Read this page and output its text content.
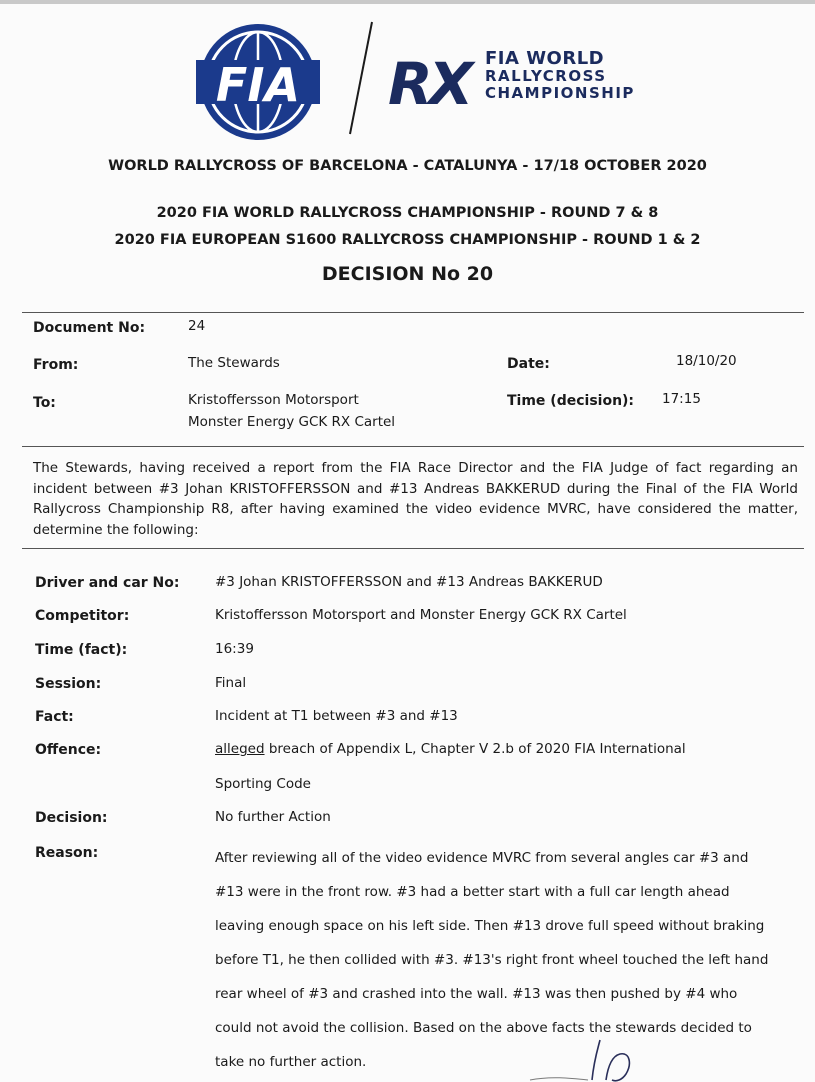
FIA RX FIA WORLD
RALLYCROSS
CHAMPIONSHIP
WORLD RALLYCROSS OF BARCELONA - CATALUNYA - 17/18 OCTOBER 2020
2020 FIA WORLD RALLYCROSS CHAMPIONSHIP - ROUND 7 & 8
2020 FIA EUROPEAN S1600 RALLYCROSS CHAMPIONSHIP - ROUND 1 & 2
DECISION No 20
Document No:	24
From:	The Stewards	Date:	18/10/20
To:	Kristoffersson Motorsport
Monster Energy GCK RX Cartel
Time (decision): 17:15
The Stewards, having received a report from the FIA Race Director and the FIA Judge of fact regarding an incident between #3 Johan KRISTOFFERSSON and #13 Andreas BAKKERUD during the Final of the FIA World Rallycross Championship R8, after having examined the video evidence MVRC, have considered the matter, determine the following:
Driver and car No:	#3 Johan KRISTOFFERSSON and #13 Andreas BAKKERUD
Competitor:	Kristoffersson Motorsport and Monster Energy GCK RX Cartel
Time (fact):	16:39
Session:	Final
Fact:	Incident at T1 between #3 and #13
Offence:	alleged breach of Appendix L, Chapter V 2.b of 2020 FIA International
Sporting Code
Decision:	No further Action
Reason:	After reviewing all of the video evidence MVRC from several angles car #3 and #13 were in the front row. #3 had a better start with a full car length ahead leaving enough space on his left side. Then #13 drove full speed without braking before T1, he then collided with #3. #13's right front wheel touched the left hand rear wheel of #3 and crashed into the wall. #13 was then pushed by #4 who could not avoid the collision. Based on the above facts the stewards decided to take no further action.
